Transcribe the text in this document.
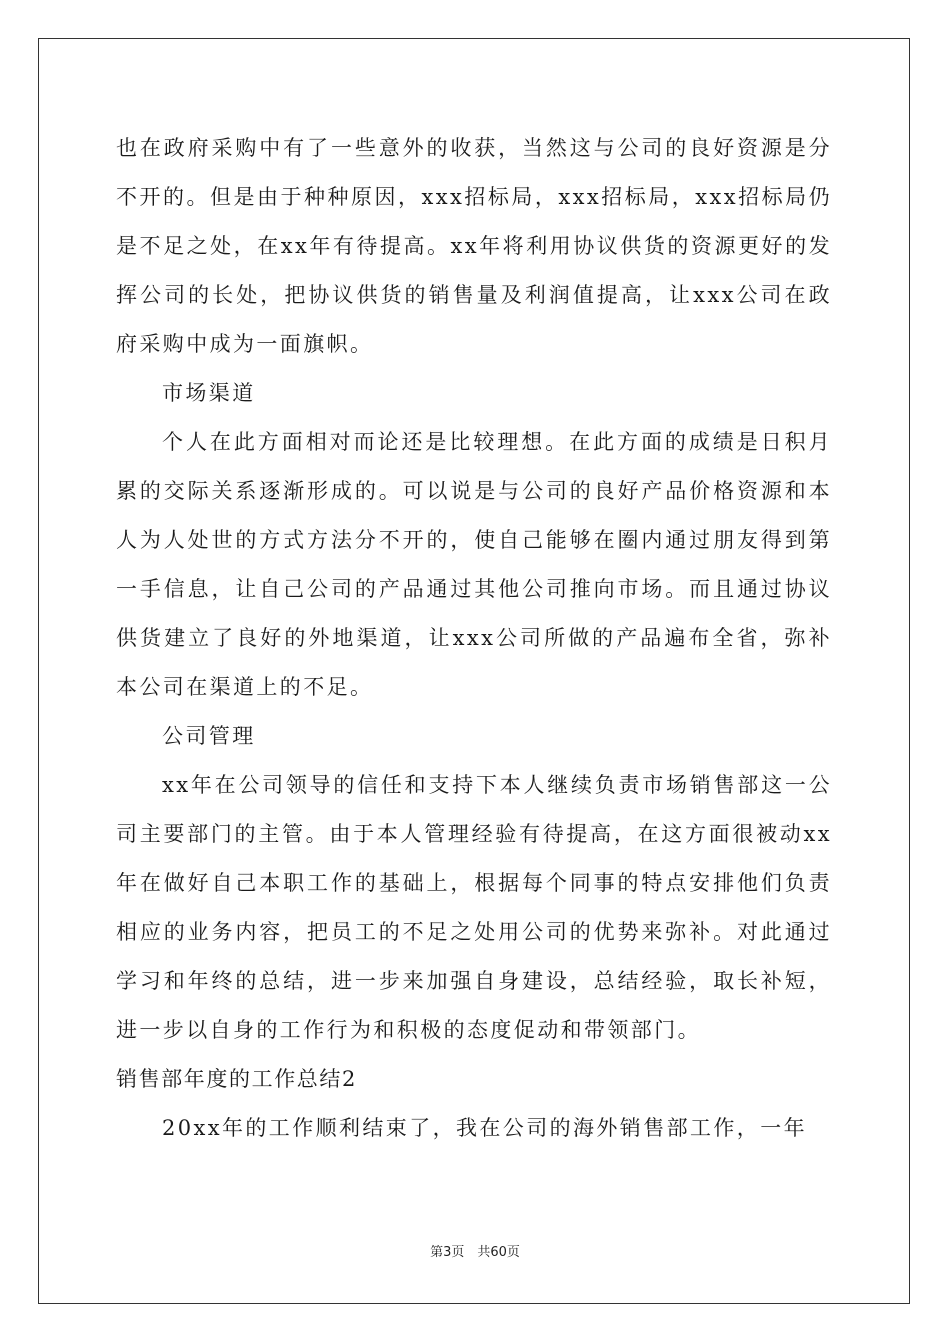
也在政府采购中有了一些意外的收获，当然这与公司的良好资源是分不开的。但是由于种种原因，xxx招标局，xxx招标局，xxx招标局仍是不足之处，在xx年有待提高。xx年将利用协议供货的资源更好的发挥公司的长处，把协议供货的销售量及利润值提高，让xxx公司在政府采购中成为一面旗帜。

市场渠道

个人在此方面相对而论还是比较理想。在此方面的成绩是日积月累的交际关系逐渐形成的。可以说是与公司的良好产品价格资源和本人为人处世的方式方法分不开的，使自己能够在圈内通过朋友得到第一手信息，让自己公司的产品通过其他公司推向市场。而且通过协议供货建立了良好的外地渠道，让xxx公司所做的产品遍布全省，弥补本公司在渠道上的不足。

公司管理

xx年在公司领导的信任和支持下本人继续负责市场销售部这一公司主要部门的主管。由于本人管理经验有待提高，在这方面很被动xx年在做好自己本职工作的基础上，根据每个同事的特点安排他们负责相应的业务内容，把员工的不足之处用公司的优势来弥补。对此通过学习和年终的总结，进一步来加强自身建设，总结经验，取长补短，进一步以自身的工作行为和积极的态度促动和带领部门。

销售部年度的工作总结2

20xx年的工作顺利结束了，我在公司的海外销售部工作，一年

第3页　共60页
